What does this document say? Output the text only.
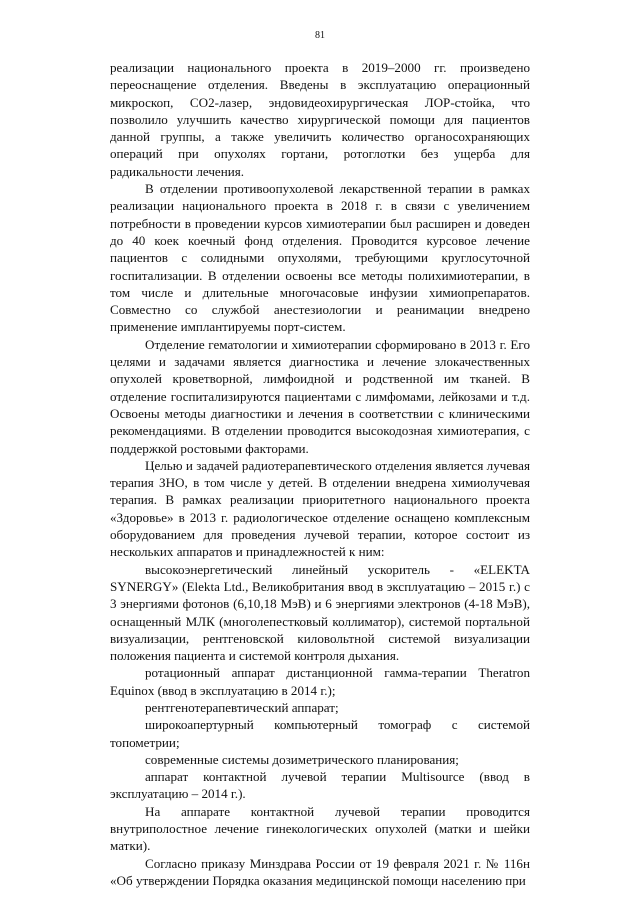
81

реализации национального проекта в 2019–2000 гг. произведено переоснащение отделения. Введены в эксплуатацию операционный микроскоп, CO2-лазер, эндовидеохирургическая ЛОР-стойка, что позволило улучшить качество хирургической помощи для пациентов данной группы, а также увеличить количество органосохраняющих операций при опухолях гортани, ротоглотки без ущерба для радикальности лечения.

В отделении противоопухолевой лекарственной терапии в рамках реализации национального проекта в 2018 г. в связи с увеличением потребности в проведении курсов химиотерапии был расширен и доведен до 40 коек коечный фонд отделения. Проводится курсовое лечение пациентов с солидными опухолями, требующими круглосуточной госпитализации. В отделении освоены все методы полихимиотерапии, в том числе и длительные многочасовые инфузии химиопрепаратов. Совместно со службой анестезиологии и реанимации внедрено применение имплантируемы порт-систем.

Отделение гематологии и химиотерапии сформировано в 2013 г. Его целями и задачами является диагностика и лечение злокачественных опухолей кроветворной, лимфоидной и родственной им тканей. В отделение госпитализируются пациентами с лимфомами, лейкозами и т.д. Освоены методы диагностики и лечения в соответствии с клиническими рекомендациями. В отделении проводится высокодозная химиотерапия, с поддержкой ростовыми факторами.

Целью и задачей радиотерапевтического отделения является лучевая терапия ЗНО, в том числе у детей. В отделении внедрена химиолучевая терапия. В рамках реализации приоритетного национального проекта «Здоровье» в 2013 г. радиологическое отделение оснащено комплексным оборудованием для проведения лучевой терапии, которое состоит из нескольких аппаратов и принадлежностей к ним:

высокоэнергетический линейный ускоритель - «ELEKTA SYNERGY» (Elekta Ltd., Великобритания ввод в эксплуатацию – 2015 г.) с 3 энергиями фотонов (6,10,18 МэВ) и 6 энергиями электронов (4-18 МэВ), оснащенный МЛК (многолепестковый коллиматор), системой портальной визуализации, рентгеновской киловольтной системой визуализации положения пациента и системой контроля дыхания.

ротационный аппарат дистанционной гамма-терапии Theratron Equinox (ввод в эксплуатацию в 2014 г.);

рентгенотерапевтический аппарат;

широкоапертурный компьютерный томограф с системой топометрии;

современные системы дозиметрического планирования;

аппарат контактной лучевой терапии Multisource (ввод в эксплуатацию – 2014 г.).

На аппарате контактной лучевой терапии проводится внутриполостное лечение гинекологических опухолей (матки и шейки матки).

Согласно приказу Минздрава России от 19 февраля 2021 г. № 116н «Об утверждении Порядка оказания медицинской помощи населению при
